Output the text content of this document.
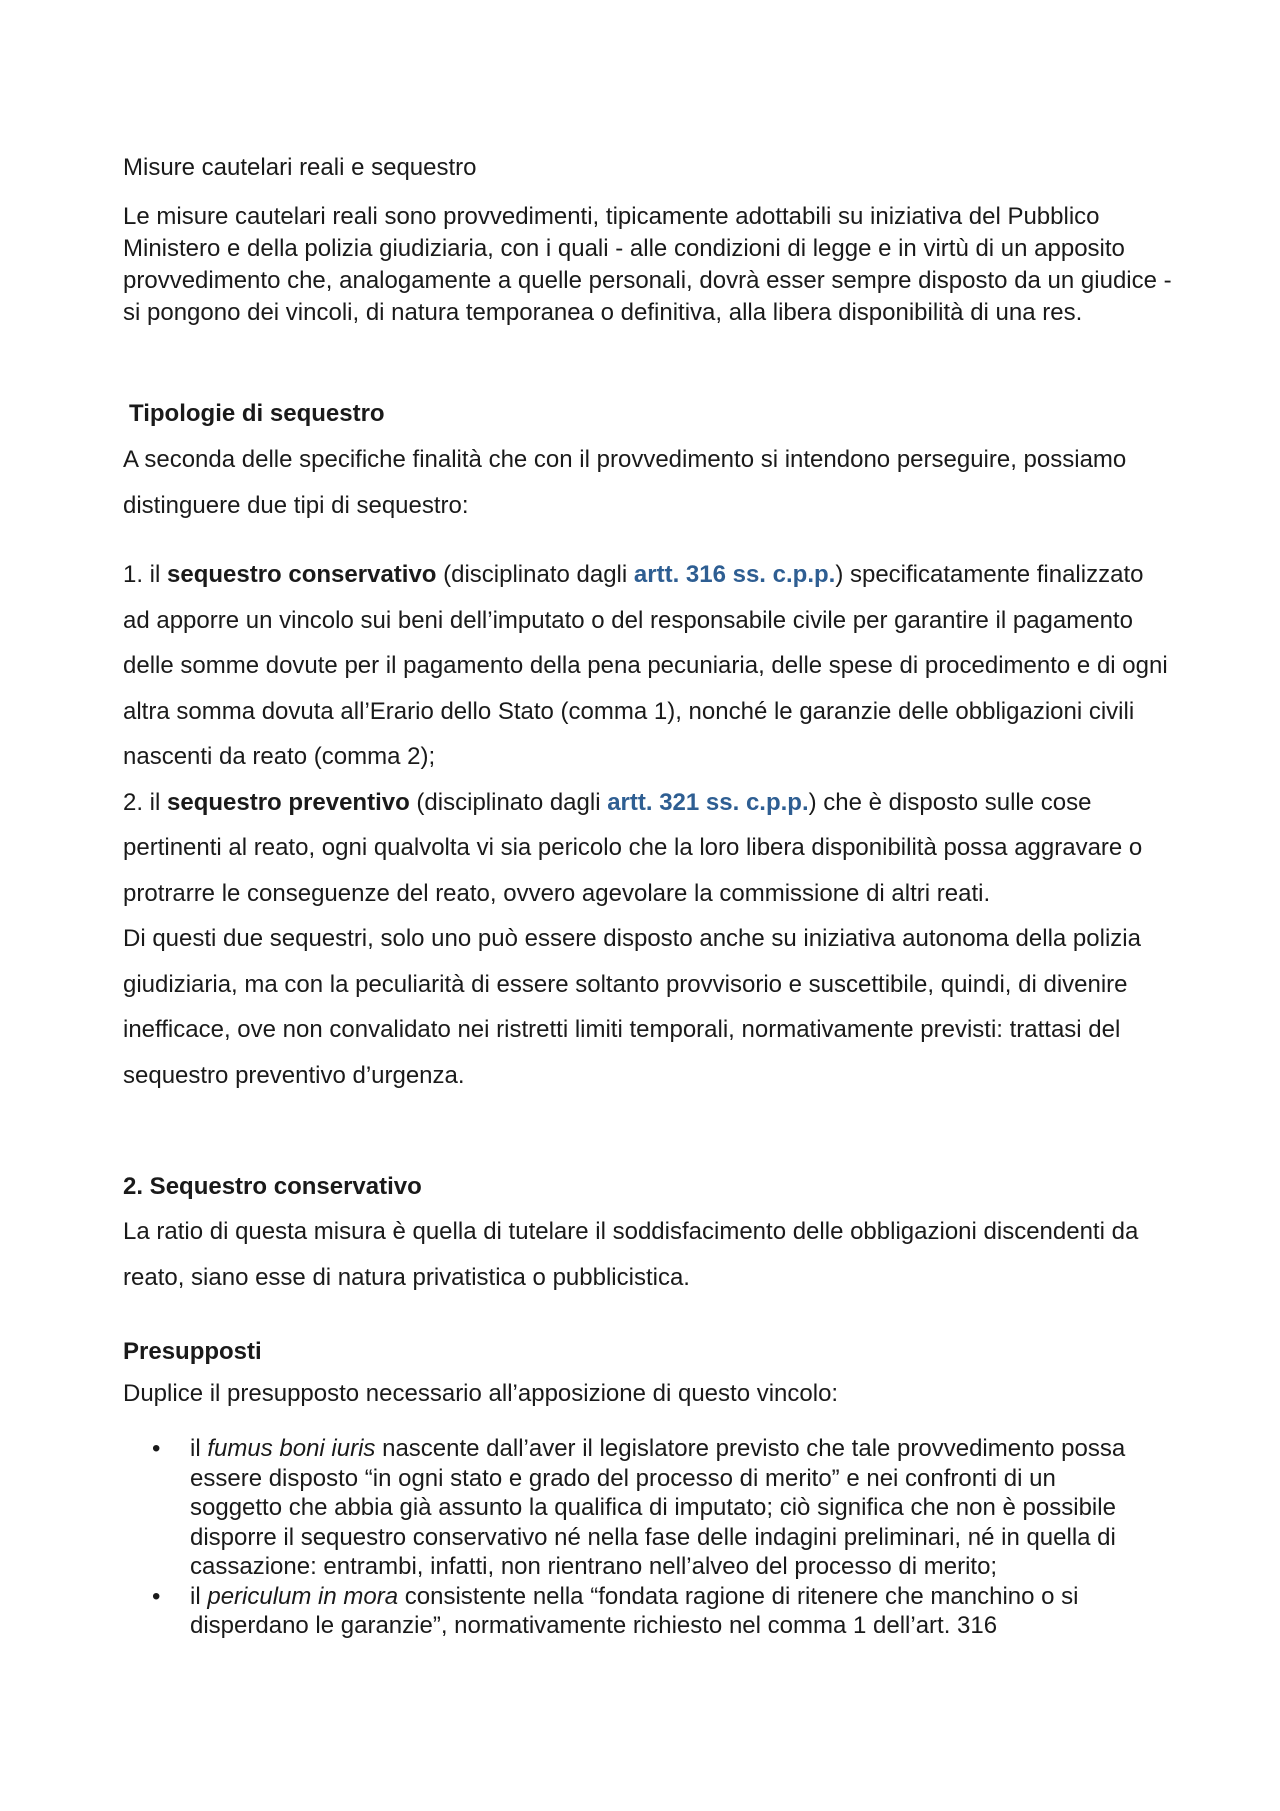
Misure cautelari reali e sequestro

Le misure cautelari reali sono provvedimenti, tipicamente adottabili su iniziativa del Pubblico Ministero e della polizia giudiziaria, con i quali - alle condizioni di legge e in virtù di un apposito provvedimento che, analogamente a quelle personali, dovrà esser sempre disposto da un giudice - si pongono dei vincoli, di natura temporanea o definitiva, alla libera disponibilità di una res.

Tipologie di sequestro

A seconda delle specifiche finalità che con il provvedimento si intendono perseguire, possiamo distinguere due tipi di sequestro:

1. il sequestro conservativo (disciplinato dagli artt. 316 ss. c.p.p.) specificatamente finalizzato ad apporre un vincolo sui beni dell’imputato o del responsabile civile per garantire il pagamento delle somme dovute per il pagamento della pena pecuniaria, delle spese di procedimento e di ogni altra somma dovuta all’Erario dello Stato (comma 1), nonché le garanzie delle obbligazioni civili nascenti da reato (comma 2);
2. il sequestro preventivo (disciplinato dagli artt. 321 ss. c.p.p.) che è disposto sulle cose pertinenti al reato, ogni qualvolta vi sia pericolo che la loro libera disponibilità possa aggravare o protrarre le conseguenze del reato, ovvero agevolare la commissione di altri reati.
Di questi due sequestri, solo uno può essere disposto anche su iniziativa autonoma della polizia giudiziaria, ma con la peculiarità di essere soltanto provvisorio e suscettibile, quindi, di divenire inefficace, ove non convalidato nei ristretti limiti temporali, normativamente previsti: trattasi del sequestro preventivo d’urgenza.

2. Sequestro conservativo

La ratio di questa misura è quella di tutelare il soddisfacimento delle obbligazioni discendenti da reato, siano esse di natura privatistica o pubblicistica.

Presupposti

Duplice il presupposto necessario all’apposizione di questo vincolo:

• il fumus boni iuris nascente dall’aver il legislatore previsto che tale provvedimento possa essere disposto “in ogni stato e grado del processo di merito” e nei confronti di un soggetto che abbia già assunto la qualifica di imputato; ciò significa che non è possibile disporre il sequestro conservativo né nella fase delle indagini preliminari, né in quella di cassazione: entrambi, infatti, non rientrano nell’alveo del processo di merito;
• il periculum in mora consistente nella “fondata ragione di ritenere che manchino o si disperdano le garanzie”, normativamente richiesto nel comma 1 dell’art. 316
